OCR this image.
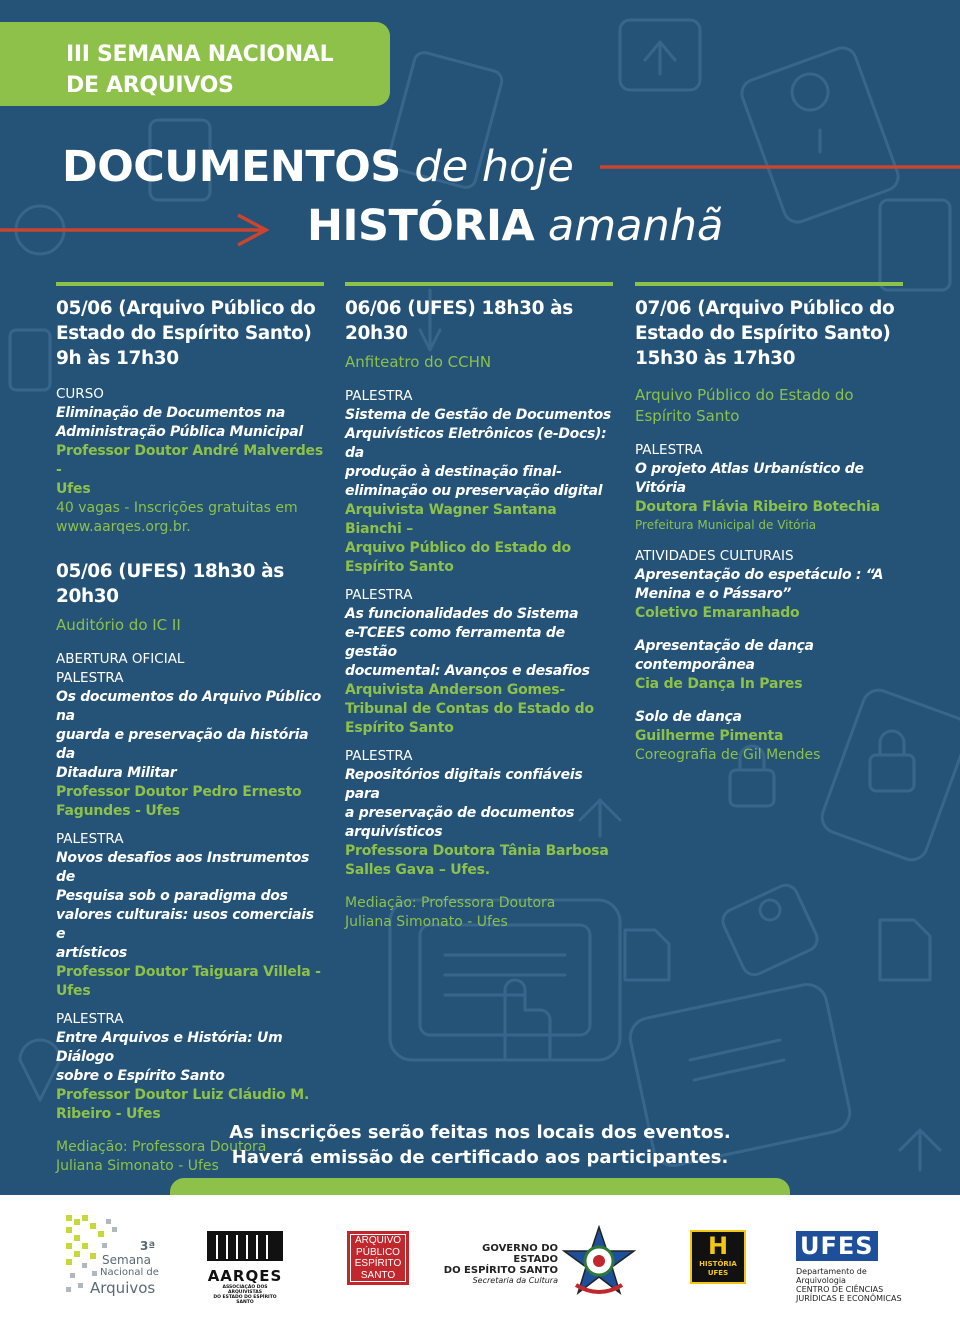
III SEMANA NACIONAL
DE ARQUIVOS
DOCUMENTOS de hoje
HISTÓRIA amanhã
05/06 (Arquivo Público do
Estado do Espírito Santo)
9h às 17h30
CURSO
Eliminação de Documentos na
Administração Pública Municipal
Professor Doutor André Malverdes -
Ufes
40 vagas - Inscrições gratuitas em
www.aarqes.org.br.
05/06 (UFES) 18h30 às
20h30
Auditório do IC II
ABERTURA OFICIAL
PALESTRA
Os documentos do Arquivo Público na
guarda e preservação da história da
Ditadura Militar
Professor Doutor Pedro Ernesto
Fagundes - Ufes
PALESTRA
Novos desafios aos Instrumentos de
Pesquisa sob o paradigma dos
valores culturais: usos comerciais e
artísticos
Professor Doutor Taiguara Villela -
Ufes
PALESTRA
Entre Arquivos e História: Um Diálogo
sobre o Espírito Santo
Professor Doutor Luiz Cláudio M.
Ribeiro - Ufes
Mediação: Professora Doutora
Juliana Simonato - Ufes
06/06 (UFES) 18h30 às
20h30
Anfiteatro do CCHN
PALESTRA
Sistema de Gestão de Documentos
Arquivísticos Eletrônicos (e-Docs): da
produção à destinação final-
eliminação ou preservação digital
Arquivista Wagner Santana Bianchi –
Arquivo Público do Estado do
Espírito Santo
PALESTRA
As funcionalidades do Sistema
e-TCEES como ferramenta de gestão
documental: Avanços e desafios
Arquivista Anderson Gomes-
Tribunal de Contas do Estado do
Espírito Santo
PALESTRA
Repositórios digitais confiáveis para
a preservação de documentos
arquivísticos
Professora Doutora Tânia Barbosa
Salles Gava – Ufes.
Mediação: Professora Doutora
Juliana Simonato - Ufes
07/06 (Arquivo Público do
Estado do Espírito Santo)
15h30 às 17h30
Arquivo Público do Estado do
Espírito Santo
PALESTRA
O projeto Atlas Urbanístico de Vitória
Doutora Flávia Ribeiro Botechia
Prefeitura Municipal de Vitória
ATIVIDADES CULTURAIS
Apresentação do espetáculo : “A
Menina e o Pássaro”
Coletivo Emaranhado
Apresentação de dança
contemporânea
Cia de Dança In Pares
Solo de dança
Guilherme Pimenta
Coreografia de Gil Mendes
As inscrições serão feitas nos locais dos eventos.
Haverá emissão de certificado aos participantes.
3ª
Semana
Nacional de
Arquivos
AARQES
ASSOCIAÇÃO DOS ARQUIVISTAS
DO ESTADO DO ESPÍRITO SANTO
ARQUIVO
PÚBLICO
ESPÍRITO
SANTO
GOVERNO DO ESTADO
DO ESPÍRITO SANTO
Secretaria da Cultura
H
HISTÓRIA
UFES
UFES
Departamento de Arquivologia
CENTRO DE CIÊNCIAS
JURÍDICAS E ECONÔMICAS
